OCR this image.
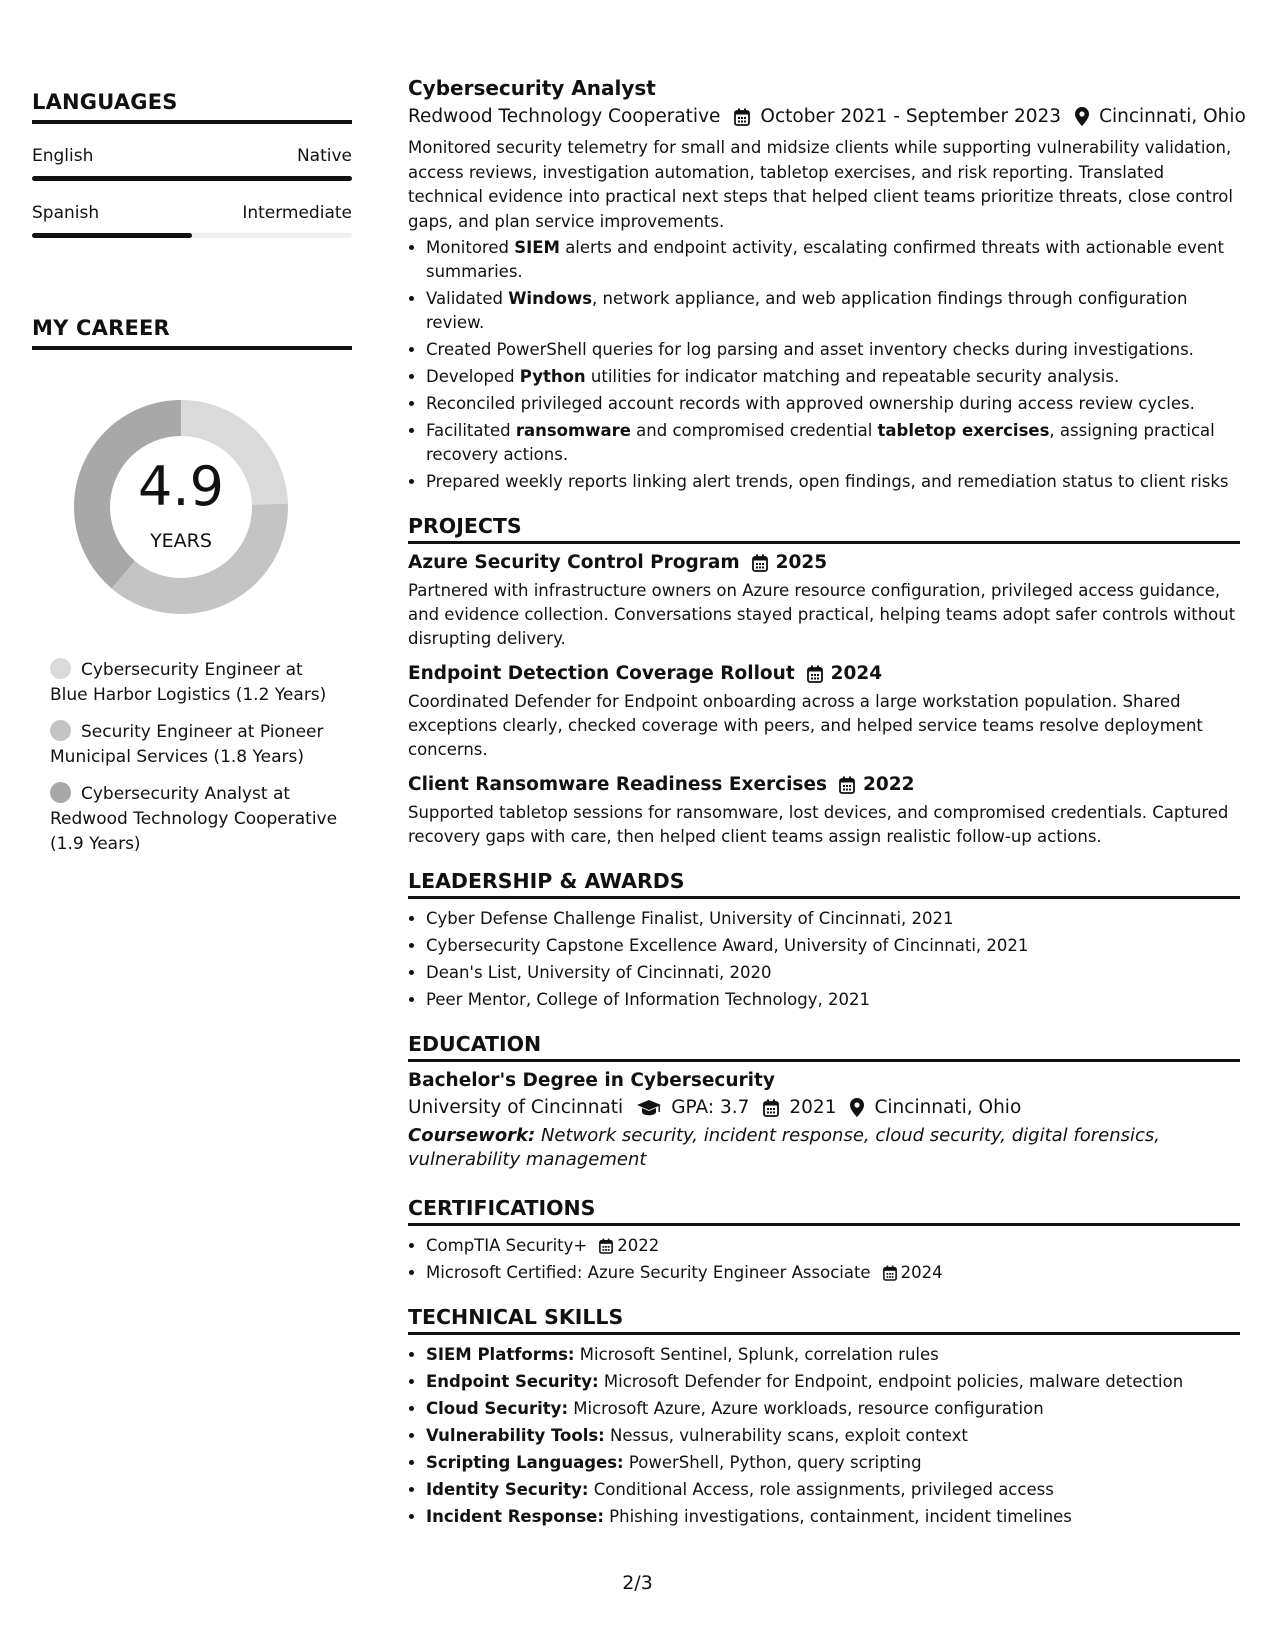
LANGUAGES
English	Native
Spanish	Intermediate
MY CAREER
4.9
YEARS
Cybersecurity Engineer at Blue Harbor Logistics (1.2 Years)
Security Engineer at Pioneer Municipal Services (1.8 Years)
Cybersecurity Analyst at Redwood Technology Cooperative (1.9 Years)
Cybersecurity Analyst
Redwood Technology Cooperative October 2021 - September 2023 Cincinnati, Ohio

Monitored security telemetry for small and midsize clients while supporting vulnerability validation, access reviews, investigation automation, tabletop exercises, and risk reporting. Translated technical evidence into practical next steps that helped client teams prioritize threats, close control gaps, and plan service improvements.

• Monitored SIEM alerts and endpoint activity, escalating confirmed threats with actionable event summaries.
• Validated Windows, network appliance, and web application findings through configuration review.
• Created PowerShell queries for log parsing and asset inventory checks during investigations.
• Developed Python utilities for indicator matching and repeatable security analysis.
• Reconciled privileged account records with approved ownership during access review cycles.
• Facilitated ransomware and compromised credential tabletop exercises, assigning practical recovery actions.
• Prepared weekly reports linking alert trends, open findings, and remediation status to client risks
PROJECTS
Azure Security Control Program 2025
Partnered with infrastructure owners on Azure resource configuration, privileged access guidance, and evidence collection. Conversations stayed practical, helping teams adopt safer controls without disrupting delivery.
Endpoint Detection Coverage Rollout 2024
Coordinated Defender for Endpoint onboarding across a large workstation population. Shared exceptions clearly, checked coverage with peers, and helped service teams resolve deployment concerns.
Client Ransomware Readiness Exercises 2022
Supported tabletop sessions for ransomware, lost devices, and compromised credentials. Captured recovery gaps with care, then helped client teams assign realistic follow-up actions.
LEADERSHIP & AWARDS
• Cyber Defense Challenge Finalist, University of Cincinnati, 2021
• Cybersecurity Capstone Excellence Award, University of Cincinnati, 2021
• Dean's List, University of Cincinnati, 2020
• Peer Mentor, College of Information Technology, 2021
EDUCATION
Bachelor's Degree in Cybersecurity
University of Cincinnati	GPA: 3.7 2021 Cincinnati, Ohio
Coursework: Network security, incident response, cloud security, digital forensics, vulnerability management
CERTIFICATIONS
• CompTIA Security+ 2022
• Microsoft Certified: Azure Security Engineer Associate 2024
TECHNICAL SKILLS
• SIEM Platforms: Microsoft Sentinel, Splunk, correlation rules
• Endpoint Security: Microsoft Defender for Endpoint, endpoint policies, malware detection
• Cloud Security: Microsoft Azure, Azure workloads, resource configuration
• Vulnerability Tools: Nessus, vulnerability scans, exploit context
• Scripting Languages: PowerShell, Python, query scripting
• Identity Security: Conditional Access, role assignments, privileged access
• Incident Response: Phishing investigations, containment, incident timelines
2/3
